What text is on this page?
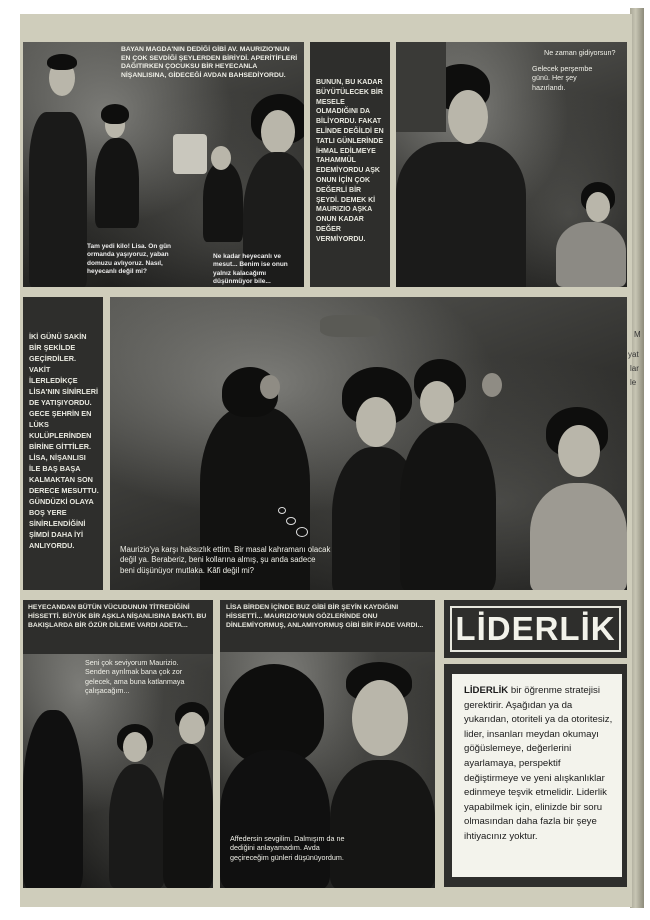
BAYAN MAGDA'NIN DEDİĞİ GİBİ AV. MAURIZIO'NUN EN ÇOK SEVDİĞİ ŞEYLERDEN BİRİYDİ. APERİTİFLERİ DAĞITIRKEN ÇOCUKSU BİR HEYECANLA NİŞANLISINA, GİDECEĞİ AVDAN BAHSEDİYORDU.
Tam yedi kilo! Lisa. On gün ormanda yaşıyoruz, yaban domuzu avlıyoruz. Nasıl, heyecanlı değil mi?
Ne kadar heyecanlı ve mesut... Benim ise onun yalnız kalacağımı düşünmüyor bile...
BUNUN, BU KADAR BÜYÜTÜLECEK BİR MESELE OLMADIĞINI DA BİLİYORDU. FAKAT ELİNDE DEĞİLDİ EN TATLI GÜNLERİNDE İHMAL EDİLMEYE TAHAMMÜL EDEMİYORDU AŞK ONUN İÇİN ÇOK DEĞERLİ BİR ŞEYDİ. DEMEK Kİ MAURIZIO AŞKA ONUN KADAR DEĞER VERMİYORDU.
Ne zaman gidiyorsun?
Gelecek perşembe günü. Her şey hazırlandı.
İKİ GÜNÜ SAKİN BİR ŞEKİLDE GEÇİRDİLER. VAKİT İLERLEDİKÇE LİSA'NIN SİNİRLERİ DE YATIŞIYORDU. GECE ŞEHRİN EN LÜKS KULÜPLERİNDEN BİRİNE GİTTİLER. LİSA, NİŞANLISI İLE BAŞ BAŞA KALMAKTAN SON DERECE MESUTTU. GÜNDÜZKİ OLAYA BOŞ YERE SİNİRLENDİĞİNİ ŞİMDİ DAHA İYİ ANLIYORDU.	Maurizio'ya karşı haksızlık ettim. Bir masal kahramanı olacak değil ya. Beraberiz, beni kollarına almış, şu anda sadece beni düşünüyor mutlaka. Kâfi değil mi?
HEYECANDAN BÜTÜN VÜCUDUNUN TİTREDİĞİNİ HİSSETTİ. BÜYÜK BİR AŞKLA NİŞANLISINA BAKTI. BU BAKIŞLARDA BİR ÖZÜR DİLEME VARDI ADETA...
Seni çok seviyorum Maurizio. Senden ayrılmak bana çok zor gelecek, ama buna katlanmaya çalışacağım...
LİSA BİRDEN İÇİNDE BUZ GİBİ BİR ŞEYİN KAYDIĞINI HİSSETTİ... MAURIZIO'NUN GÖZLERİNDE ONU DİNLEMİYORMUŞ, ANLAMIYORMUŞ GİBİ BİR İFADE VARDI...
Affedersin sevgilim. Dalmışım da ne dediğini anlayamadım. Avda geçireceğim günleri düşünüyordum.
LİDERLİK
LİDERLİK bir öğrenme stratejisi gerektirir. Aşağıdan ya da yukarıdan, otoriteli ya da otoritesiz, lider, insanları meydan okumayı göğüslemeye, değerlerini ayarlamaya, perspektif değiştirmeye ve yeni alışkanlıklar edinmeye teşvik etmelidir. Liderlik yapabilmek için, elinizde bir soru olmasından daha fazla bir şeye ihtiyacınız yoktur.
M
yat
lar
le
